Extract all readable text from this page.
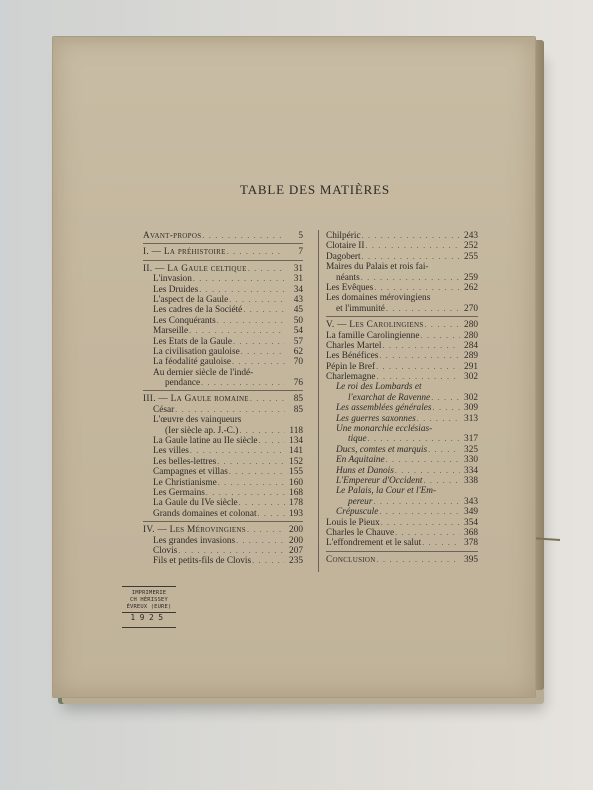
TABLE DES MATIÈRES
Avant-propos . . .	5
I. — La préhistoire . . .	7
II. — La Gaule celtique . . .	31
L'invasion . . .	31
Les Druides . . .	34
L'aspect de la Gaule . . .	43
Les cadres de la Société . . .	45
Les Conquérants . . .	50
Marseille . . .	54
Les Etats de la Gaule . . .	57
La civilisation gauloise . . .	62
La féodalité gauloise . . .	70
Au dernier siècle de l'indé-
pendance . . .	76
III. — La Gaule romaine . . .	85
César . . .	85
L'œuvre des vainqueurs
(Ier siècle ap. J.-C.) . . .	118
La Gaule latine au IIe siècle . . .	134
Les villes . . .	141
Les belles-lettres . . .	152
Campagnes et villas . . .	155
Le Christianisme . . .	160
Les Germains . . .	168
La Gaule du IVe siècle . . .	178
Grands domaines et colonat . . .	193
IV. — Les Mérovingiens . . .	200
Les grandes invasions . . .	200
Clovis . . .	207
Fils et petits-fils de Clovis . . .	235
Chilpéric . . .	243
Clotaire II . . .	252
Dagobert . . .	255
Maires du Palais et rois fai-
néants . . .	259
Les Evêques . . .	262
Les domaines mérovingiens
et l'immunité . . .	270
V. — Les Carolingiens . . .	280
La famille Carolingienne . . .	280
Charles Martel . . .	284
Les Bénéfices . . .	289
Pépin le Bref . . .	291
Charlemagne . . .	302
Le roi des Lombards et
l'exarchat de Ravenne . . .	302
Les assemblées générales . . .	309
Les guerres saxonnes . . .	313
Une monarchie ecclésias-
tique . . .	317
Ducs, comtes et marquis . . .	325
En Aquitaine . . .	330
Huns et Danois . . .	334
L'Empereur d'Occident . . .	338
Le Palais, la Cour et l'Em-
pereur . . .	343
Crépuscule . . .	349
Louis le Pieux . . .	354
Charles le Chauve . . .	368
L'effondrement et le salut . . .	378
Conclusion . . .	395
IMPRIMERIE
CH HÉRISSEY
ÉVREUX (EURE)
1925
